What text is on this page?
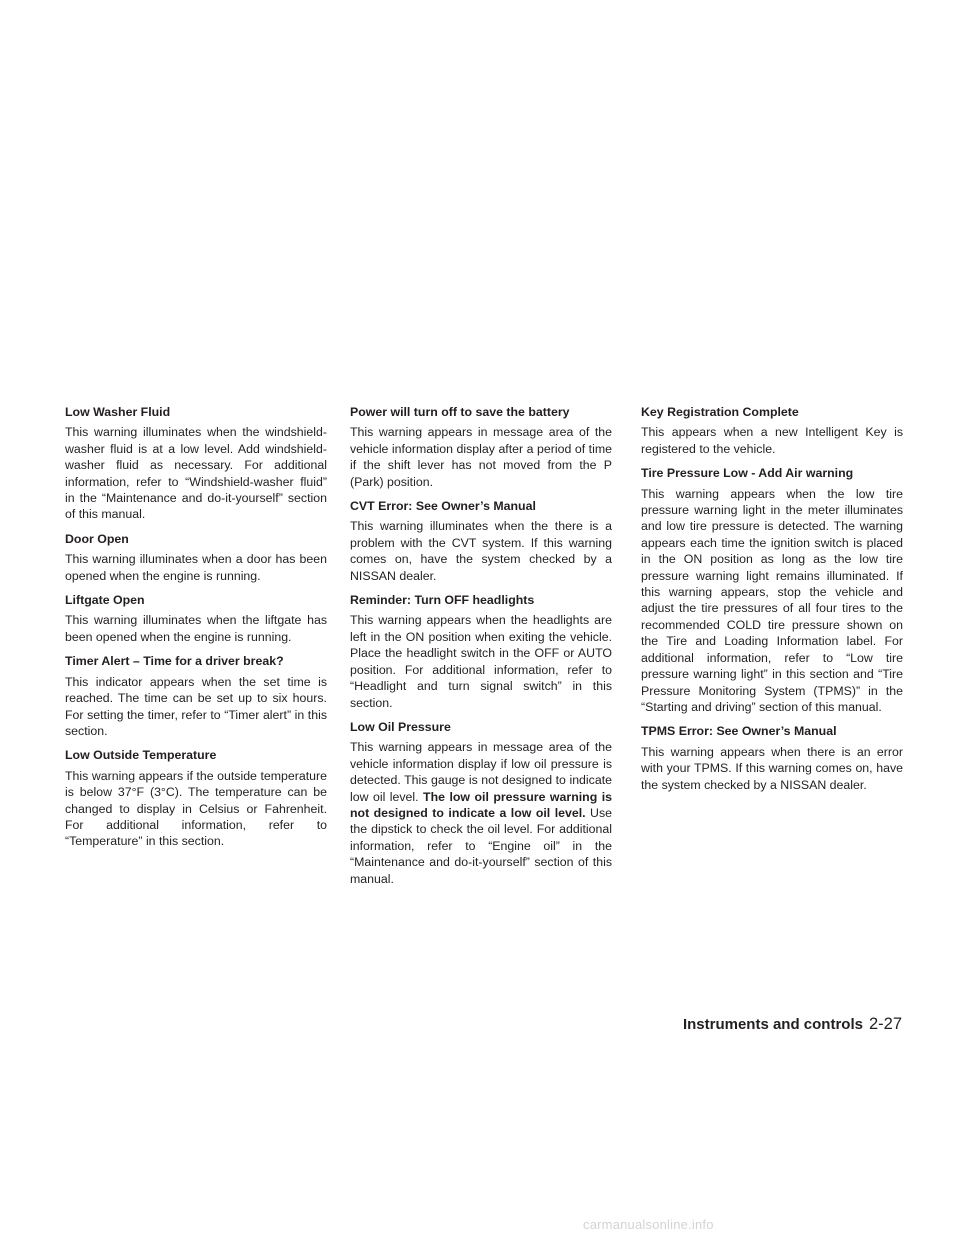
Low Washer Fluid

This warning illuminates when the windshield-washer fluid is at a low level. Add windshield-washer fluid as necessary. For additional information, refer to “Windshield-washer fluid” in the “Maintenance and do-it-yourself” section of this manual.

Door Open

This warning illuminates when a door has been opened when the engine is running.

Liftgate Open

This warning illuminates when the liftgate has been opened when the engine is running.

Timer Alert – Time for a driver break?

This indicator appears when the set time is reached. The time can be set up to six hours. For setting the timer, refer to “Timer alert” in this section.

Low Outside Temperature

This warning appears if the outside temperature is below 37°F (3°C). The temperature can be changed to display in Celsius or Fahrenheit. For additional information, refer to “Temperature” in this section.

Power will turn off to save the battery

This warning appears in message area of the vehicle information display after a period of time if the shift lever has not moved from the P (Park) position.

CVT Error: See Owner’s Manual

This warning illuminates when the there is a problem with the CVT system. If this warning comes on, have the system checked by a NISSAN dealer.

Reminder: Turn OFF headlights

This warning appears when the headlights are left in the ON position when exiting the vehicle. Place the headlight switch in the OFF or AUTO position. For additional information, refer to “Headlight and turn signal switch” in this section.

Low Oil Pressure

This warning appears in message area of the vehicle information display if low oil pressure is detected. This gauge is not designed to indicate low oil level. The low oil pressure warning is not designed to indicate a low oil level. Use the dipstick to check the oil level. For additional information, refer to “Engine oil” in the “Maintenance and do-it-yourself” section of this manual.

Key Registration Complete

This appears when a new Intelligent Key is registered to the vehicle.

Tire Pressure Low - Add Air warning

This warning appears when the low tire pressure warning light in the meter illuminates and low tire pressure is detected. The warning appears each time the ignition switch is placed in the ON position as long as the low tire pressure warning light remains illuminated. If this warning appears, stop the vehicle and adjust the tire pressures of all four tires to the recommended COLD tire pressure shown on the Tire and Loading Information label. For additional information, refer to “Low tire pressure warning light” in this section and “Tire Pressure Monitoring System (TPMS)” in the “Starting and driving” section of this manual.

TPMS Error: See Owner’s Manual

This warning appears when there is an error with your TPMS. If this warning comes on, have the system checked by a NISSAN dealer.

Instruments and controls 2-27
carmanualsonline.info
